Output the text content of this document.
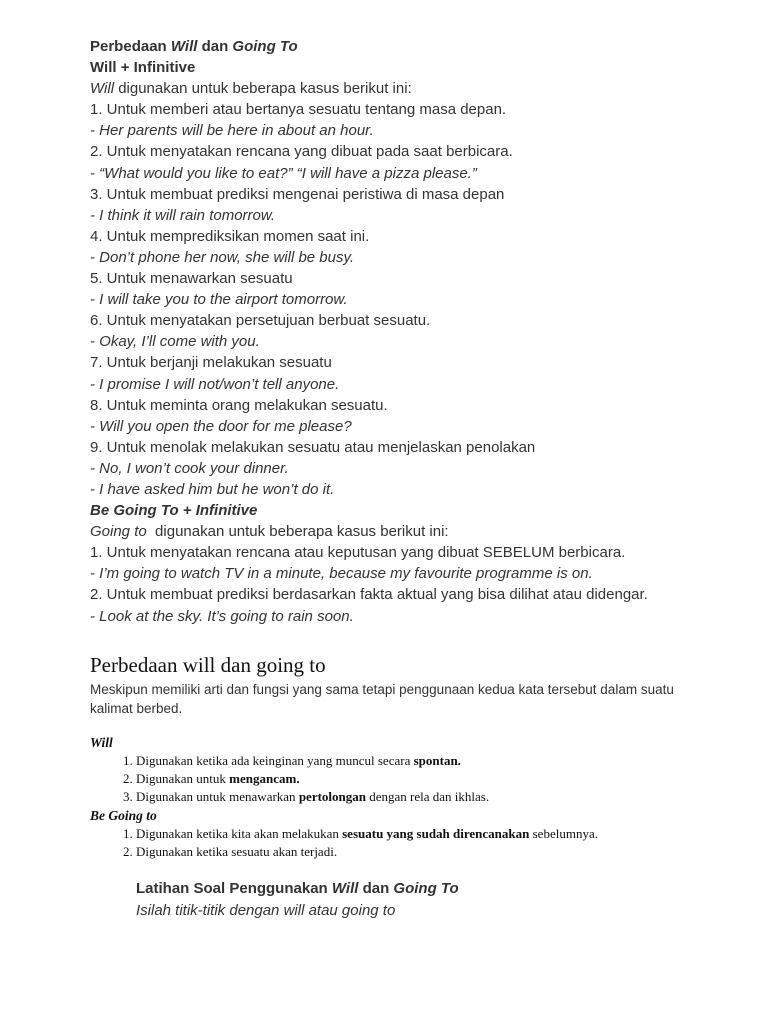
Perbedaan Will dan Going To
Will + Infinitive
Will digunakan untuk beberapa kasus berikut ini:
1. Untuk memberi atau bertanya sesuatu tentang masa depan.
- Her parents will be here in about an hour.
2. Untuk menyatakan rencana yang dibuat pada saat berbicara.
- “What would you like to eat?” “I will have a pizza please.”
3. Untuk membuat prediksi mengenai peristiwa di masa depan
- I think it will rain tomorrow.
4. Untuk memprediksikan momen saat ini.
- Don’t phone her now, she will be busy.
5. Untuk menawarkan sesuatu
- I will take you to the airport tomorrow.
6. Untuk menyatakan persetujuan berbuat sesuatu.
- Okay, I’ll come with you.
7. Untuk berjanji melakukan sesuatu
- I promise I will not/won’t tell anyone.
8. Untuk meminta orang melakukan sesuatu.
- Will you open the door for me please?
9. Untuk menolak melakukan sesuatu atau menjelaskan penolakan
- No, I won’t cook your dinner.
- I have asked him but he won’t do it.
Be Going To + Infinitive
Going to  digunakan untuk beberapa kasus berikut ini:
1. Untuk menyatakan rencana atau keputusan yang dibuat SEBELUM berbicara.
- I’m going to watch TV in a minute, because my favourite programme is on.
2. Untuk membuat prediksi berdasarkan fakta aktual yang bisa dilihat atau didengar.
- Look at the sky. It’s going to rain soon.
Perbedaan will dan going to
Meskipun memiliki arti dan fungsi yang sama tetapi penggunaan kedua kata tersebut dalam suatu kalimat berbed.
Will
1. Digunakan ketika ada keinginan yang muncul secara spontan.
2. Digunakan untuk mengancam.
3. Digunakan untuk menawarkan pertolongan dengan rela dan ikhlas.
Be Going to
1. Digunakan ketika kita akan melakukan sesuatu yang sudah direncanakan sebelumnya.
2. Digunakan ketika sesuatu akan terjadi.
Latihan Soal Penggunakan Will dan Going To
Isilah titik-titik dengan will atau going to
